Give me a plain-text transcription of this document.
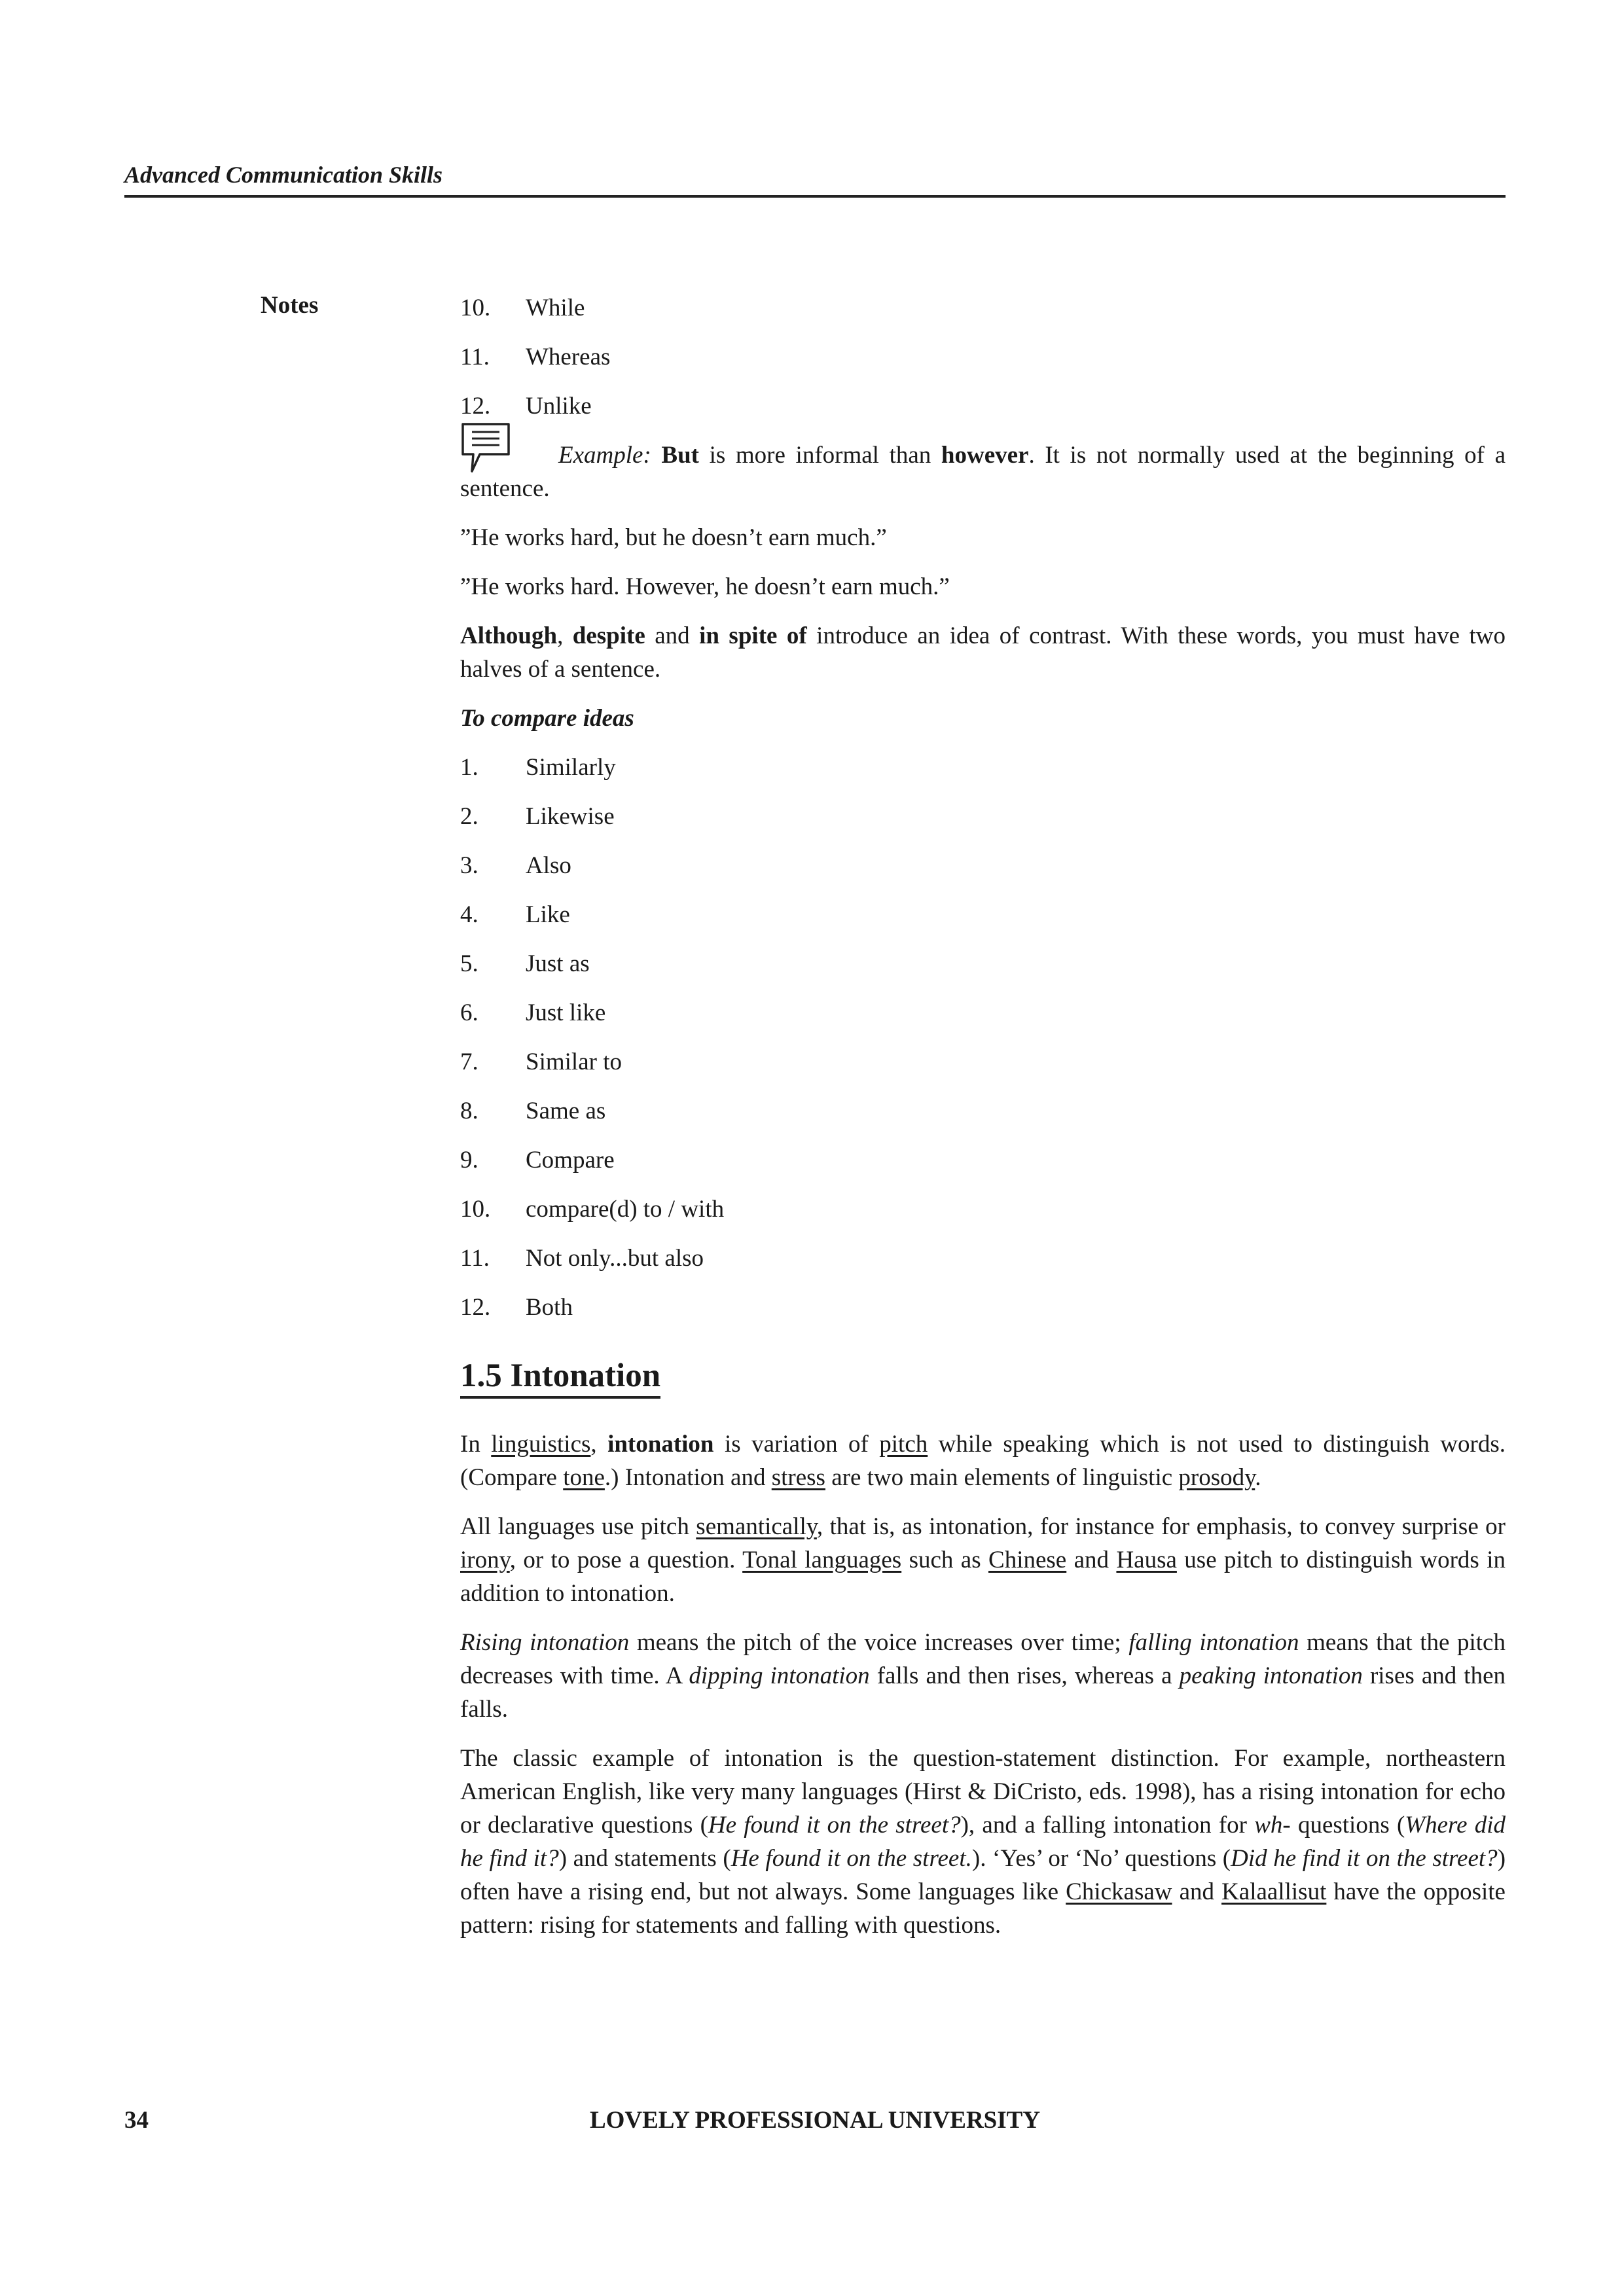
Advanced Communication Skills
Notes	10.	While
11.	Whereas
12.	Unlike

Example: But is more informal than however. It is not normally used at the beginning of a sentence.

”He works hard, but he doesn’t earn much.”

”He works hard. However, he doesn’t earn much.”

Although, despite and in spite of introduce an idea of contrast. With these words, you must have two halves of a sentence.

To compare ideas

1.	Similarly
2.	Likewise
3.	Also
4.	Like
5.	Just as
6.	Just like
7.	Similar to
8.	Same as
9.	Compare
10.	compare(d) to / with
11.	Not only...but also
12.	Both
1.5 Intonation

In linguistics, intonation is variation of pitch while speaking which is not used to distinguish words. (Compare tone.) Intonation and stress are two main elements of linguistic prosody.

All languages use pitch semantically, that is, as intonation, for instance for emphasis, to convey surprise or irony, or to pose a question. Tonal languages such as Chinese and Hausa use pitch to distinguish words in addition to intonation.

Rising intonation means the pitch of the voice increases over time; falling intonation means that the pitch decreases with time. A dipping intonation falls and then rises, whereas a peaking intonation rises and then falls.

The classic example of intonation is the question-statement distinction. For example, northeastern American English, like very many languages (Hirst & DiCristo, eds. 1998), has a rising intonation for echo or declarative questions (He found it on the street?), and a falling intonation for wh- questions (Where did he find it?) and statements (He found it on the street.). ‘Yes’ or ‘No’ questions (Did he find it on the street?) often have a rising end, but not always. Some languages like Chickasaw and Kalaallisut have the opposite pattern: rising for statements and falling with questions.

34	LOVELY PROFESSIONAL UNIVERSITY
